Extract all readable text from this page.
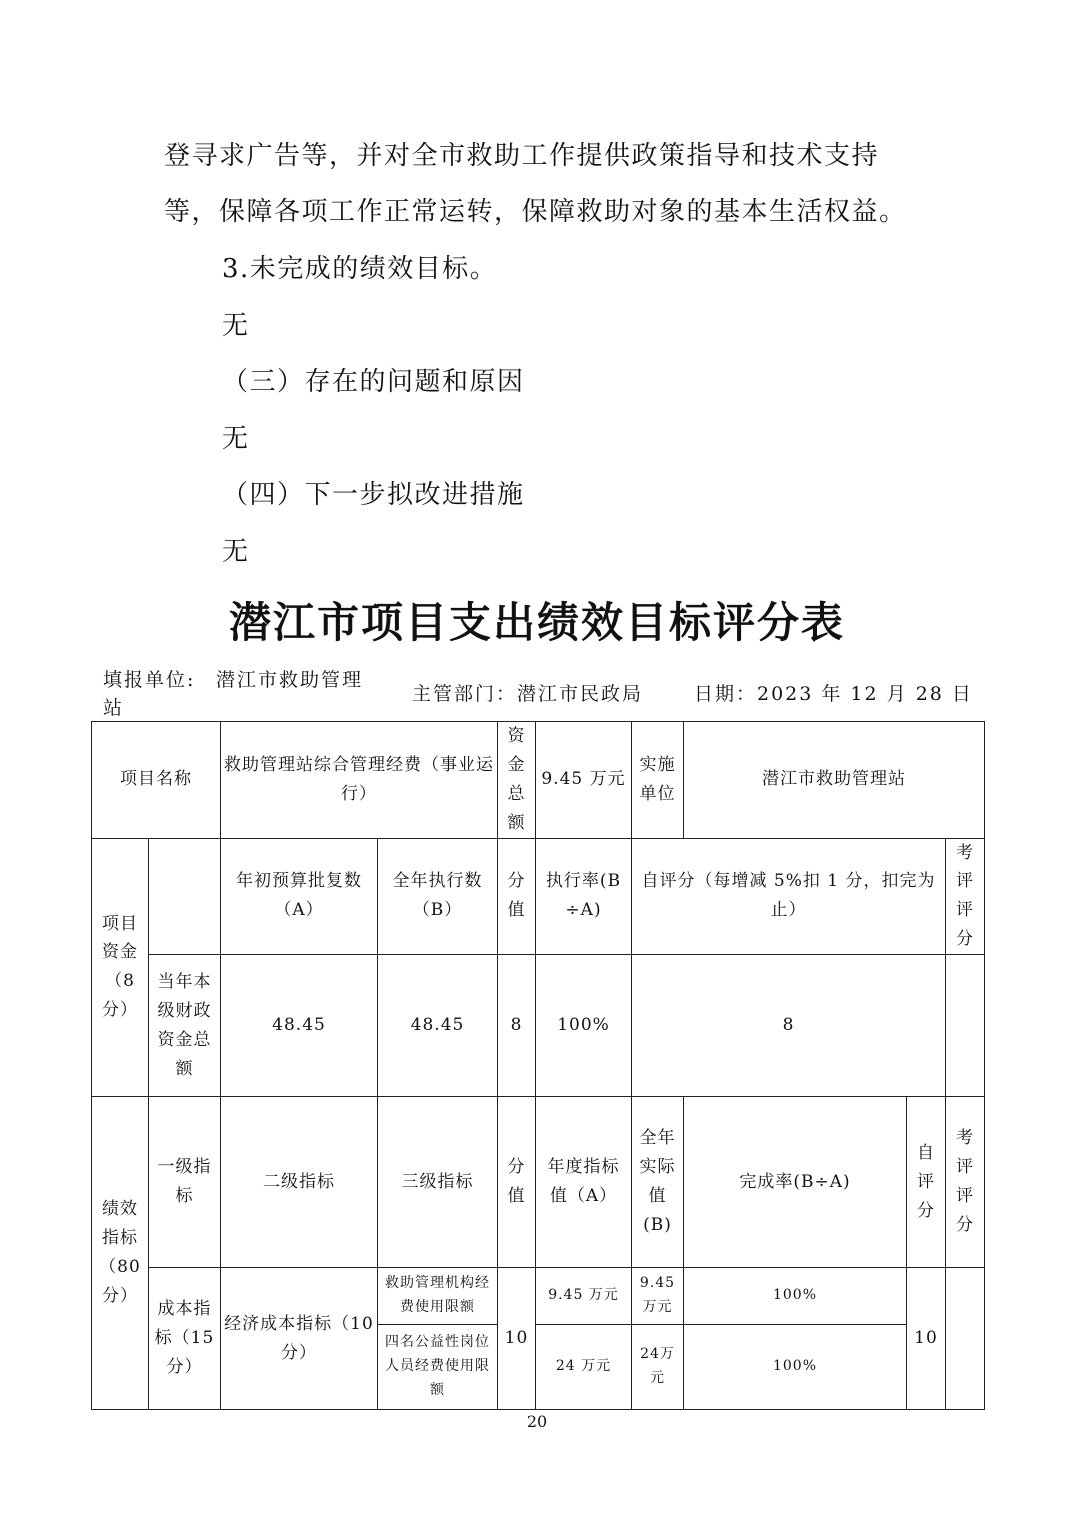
登寻求广告等，并对全市救助工作提供政策指导和技术支持
等，保障各项工作正常运转，保障救助对象的基本生活权益。
3.未完成的绩效目标。
无
（三）存在的问题和原因
无
（四）下一步拟改进措施
无
潜江市项目支出绩效目标评分表
填报单位: 潜江市救助管理
站
主管部门：潜江市民政局	日期：2023 年 12 月 28 日
项目名称		救助管理站综合管理经费（事业运行）		资金总额	9.45 万元	实施单位	潜江市救助管理站		
项目资金（8分）		年初预算批复数（A）	全年执行数（B）	分值	执行率(B÷A)	自评分（每增减 5%扣 1 分，扣完为止）			考评评分
	当年本级财政资金总额	48.45	48.45	8	100%	8			
绩效指标（80分）	一级指标	二级指标	三级指标	分值	年度指标值（A）	全年实际值(B)	完成率(B÷A)	自评分	考评评分
	成本指标（15分）	经济成本指标（10分）	救助管理机构经费使用限额	10	9.45 万元	9.45万元	100%	10	
			四名公益性岗位人员经费使用限额		24 万元	24万元	100%		
20
